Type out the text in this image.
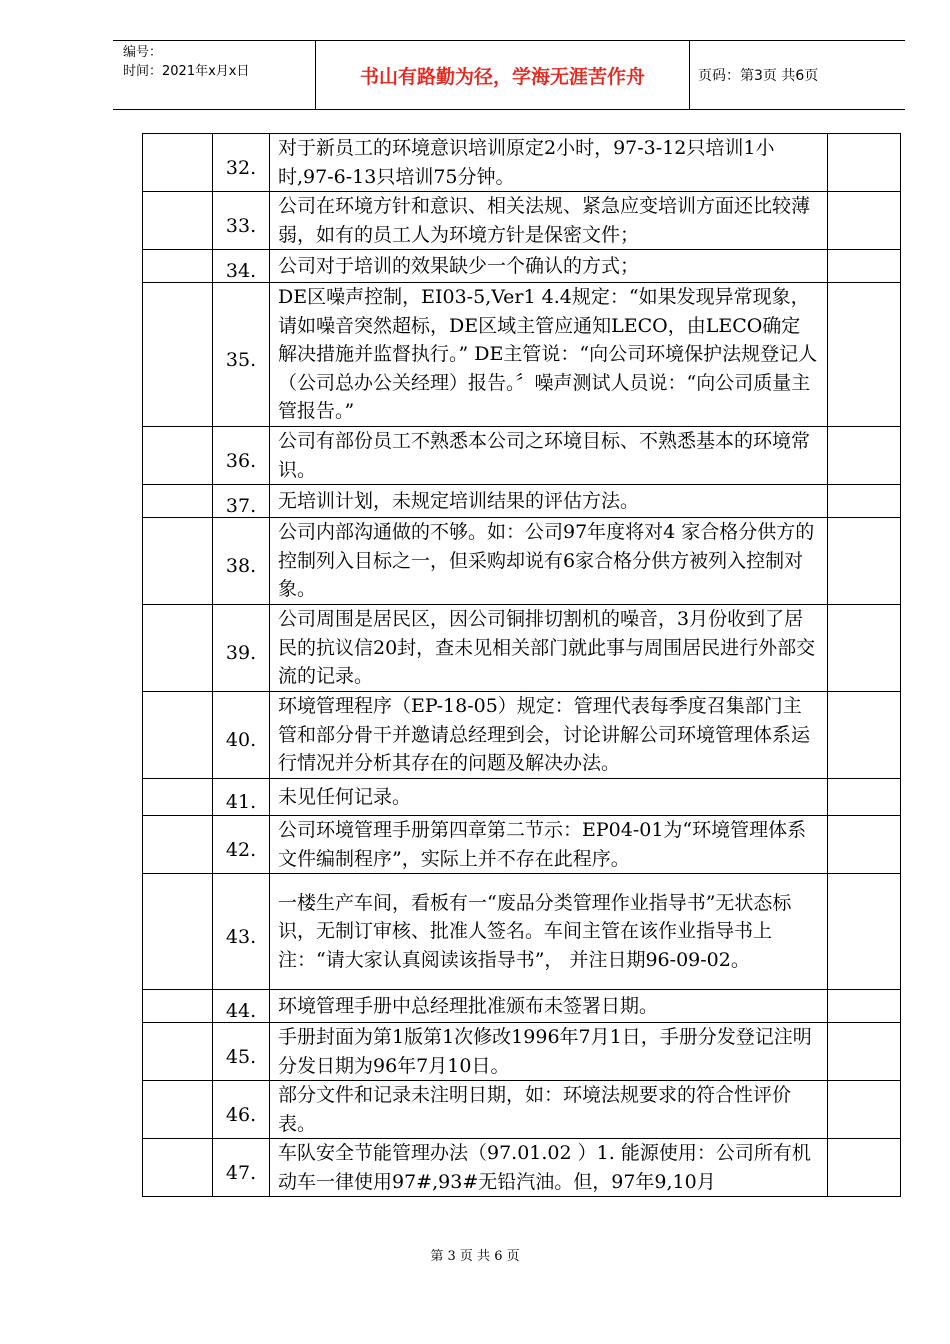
编号：
时间：2021年x月x日	书山有路勤为径，学海无涯苦作舟	页码：第3页 共6页

	32.	对于新员工的环境意识培训原定2小时，97-3-12只培训1小　 时,97-6-13只培训75分钟。	

	33.	公司在环境方针和意识、相关法规、紧急应变培训方面还比较薄弱，如有的员工人为环境方针是保密文件；	

	34.	公司对于培训的效果缺少一个确认的方式；	

	35.	DE区噪声控制，EI03-5,Ver1 4.4规定：“如果发现异常现象， 请如噪音突然超标，DE区域主管应通知LECO，由LECO确定解决措施并监督执行。” DE主管说：“向公司环境保护法规登记人（公司总办公关经理）报告。〞噪声测试人员说：“向公司质量主管报告。”	

	36.	公司有部份员工不熟悉本公司之环境目标、不熟悉基本的环境常识。	

	37.	无培训计划，未规定培训结果的评估方法。	

	38.	公司内部沟通做的不够。如：公司97年度将对4 家合格分供方的控制列入目标之一，但采购却说有6家合格分供方被列入控制对象。	

	39.	公司周围是居民区，因公司铜排切割机的噪音，3月份收到了居民的抗议信20封，查未见相关部门就此事与周围居民进行外部交流的记录。	

	40.	环境管理程序（EP-18-05）规定：管理代表每季度召集部门主管和部分骨干并邀请总经理到会，讨论讲解公司环境管理体系运行情况并分析其存在的问题及解决办法。	

	41.	未见任何记录。	

	42.	公司环境管理手册第四章第二节示：EP04-01为“环境管理体系文件编制程序”，实际上并不存在此程序。	

	43.	一楼生产车间，看板有一“废品分类管理作业指导书”无状态标识，无制订审核、批准人签名。车间主管在该作业指导书上注：“请大家认真阅读该指导书”， 并注日期96-09-02。	

	44.	环境管理手册中总经理批准颁布未签署日期。	

	45.	手册封面为第1版第1次修改1996年7月1日，手册分发登记注明分发日期为96年7月10日。	

	46.	部分文件和记录未注明日期，如：环境法规要求的符合性评价表。	

	47.	车队安全节能管理办法（97.01.02 ）1. 能源使用：公司所有机动车一律使用97#,93#无铅汽油。但，97年9,10月	
第 3 页 共 6 页
